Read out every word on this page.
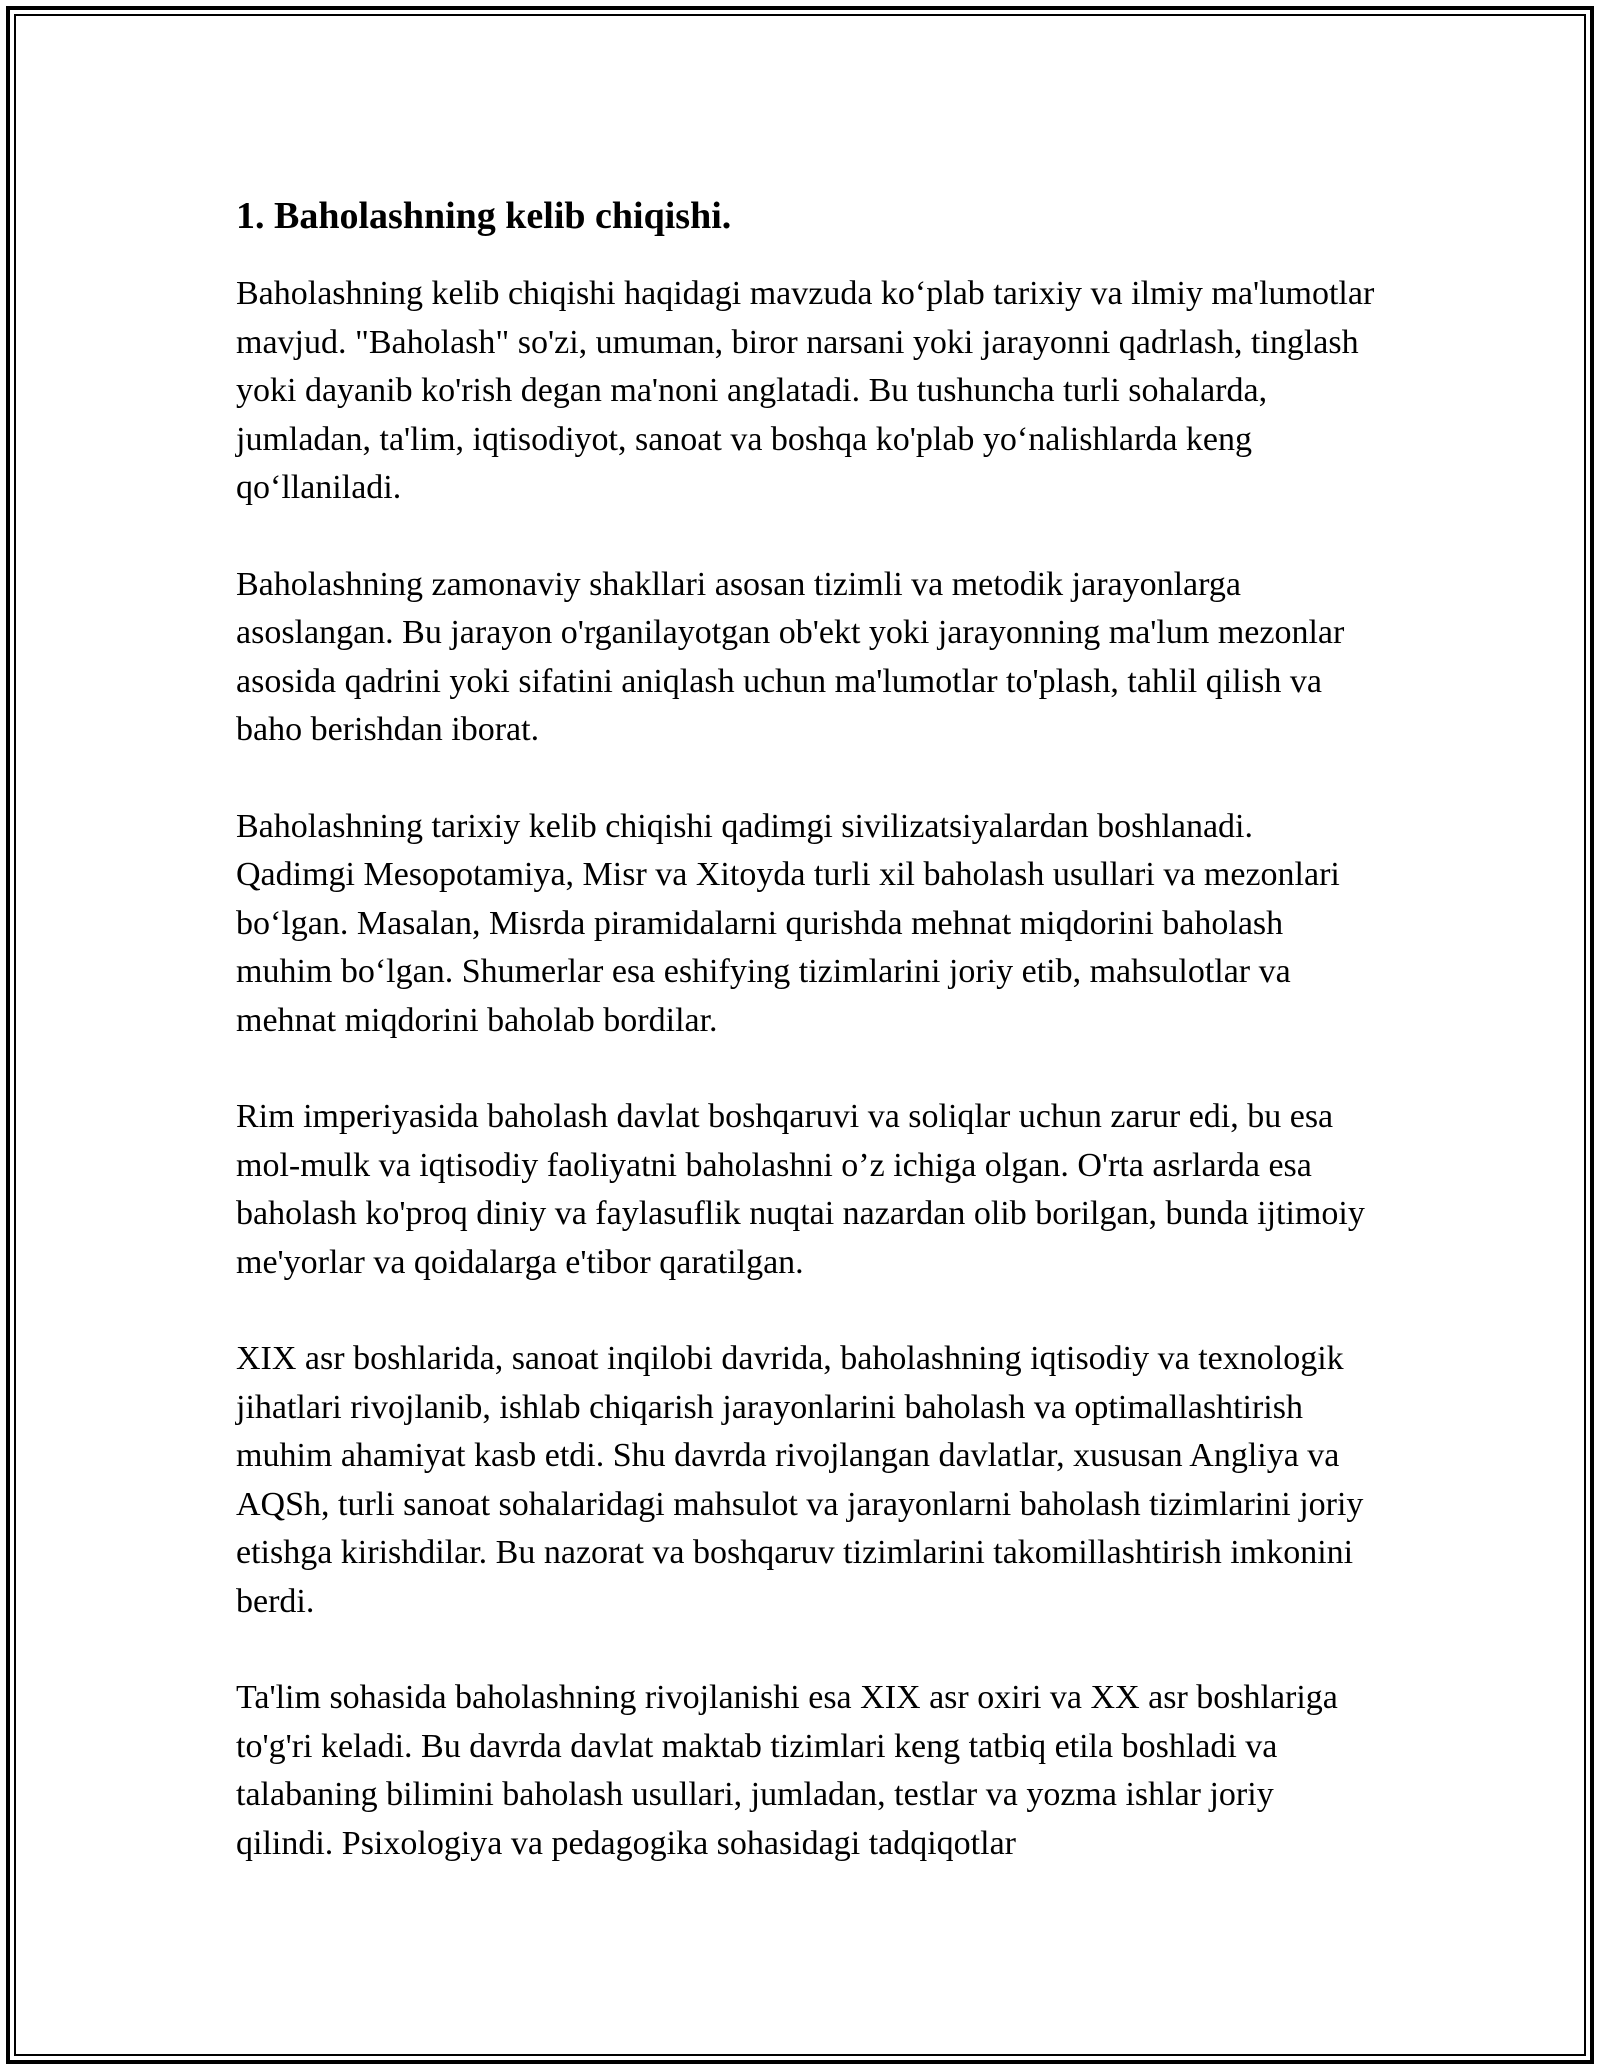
1. Baholashning kelib chiqishi.

Baholashning kelib chiqishi haqidagi mavzuda ko‘plab tarixiy va ilmiy ma'lumotlar mavjud. "Baholash" so'zi, umuman, biror narsani yoki jarayonni qadrlash, tinglash yoki dayanib ko'rish degan ma'noni anglatadi. Bu tushuncha turli sohalarda, jumladan, ta'lim, iqtisodiyot, sanoat va boshqa ko'plab yo‘nalishlarda keng qo‘llaniladi.

Baholashning zamonaviy shakllari asosan tizimli va metodik jarayonlarga asoslangan. Bu jarayon o'rganilayotgan ob'ekt yoki jarayonning ma'lum mezonlar asosida qadrini yoki sifatini aniqlash uchun ma'lumotlar to'plash, tahlil qilish va baho berishdan iborat.

Baholashning tarixiy kelib chiqishi qadimgi sivilizatsiyalardan boshlanadi. Qadimgi Mesopotamiya, Misr va Xitoyda turli xil baholash usullari va mezonlari bo‘lgan. Masalan, Misrda piramidalarni qurishda mehnat miqdorini baholash muhim bo‘lgan. Shumerlar esa eshifying tizimlarini joriy etib, mahsulotlar va mehnat miqdorini baholab bordilar.

Rim imperiyasida baholash davlat boshqaruvi va soliqlar uchun zarur edi, bu esa mol-mulk va iqtisodiy faoliyatni baholashni o’z ichiga olgan. O'rta asrlarda esa baholash ko'proq diniy va faylasuflik nuqtai nazardan olib borilgan, bunda ijtimoiy me'yorlar va qoidalarga e'tibor qaratilgan.

XIX asr boshlarida, sanoat inqilobi davrida, baholashning iqtisodiy va texnologik jihatlari rivojlanib, ishlab chiqarish jarayonlarini baholash va optimallashtirish muhim ahamiyat kasb etdi. Shu davrda rivojlangan davlatlar, xususan Angliya va AQSh, turli sanoat sohalaridagi mahsulot va jarayonlarni baholash tizimlarini joriy etishga kirishdilar. Bu nazorat va boshqaruv tizimlarini takomillashtirish imkonini berdi.

Ta'lim sohasida baholashning rivojlanishi esa XIX asr oxiri va XX asr boshlariga to'g'ri keladi. Bu davrda davlat maktab tizimlari keng tatbiq etila boshladi va talabaning bilimini baholash usullari, jumladan, testlar va yozma ishlar joriy qilindi. Psixologiya va pedagogika sohasidagi tadqiqotlar
